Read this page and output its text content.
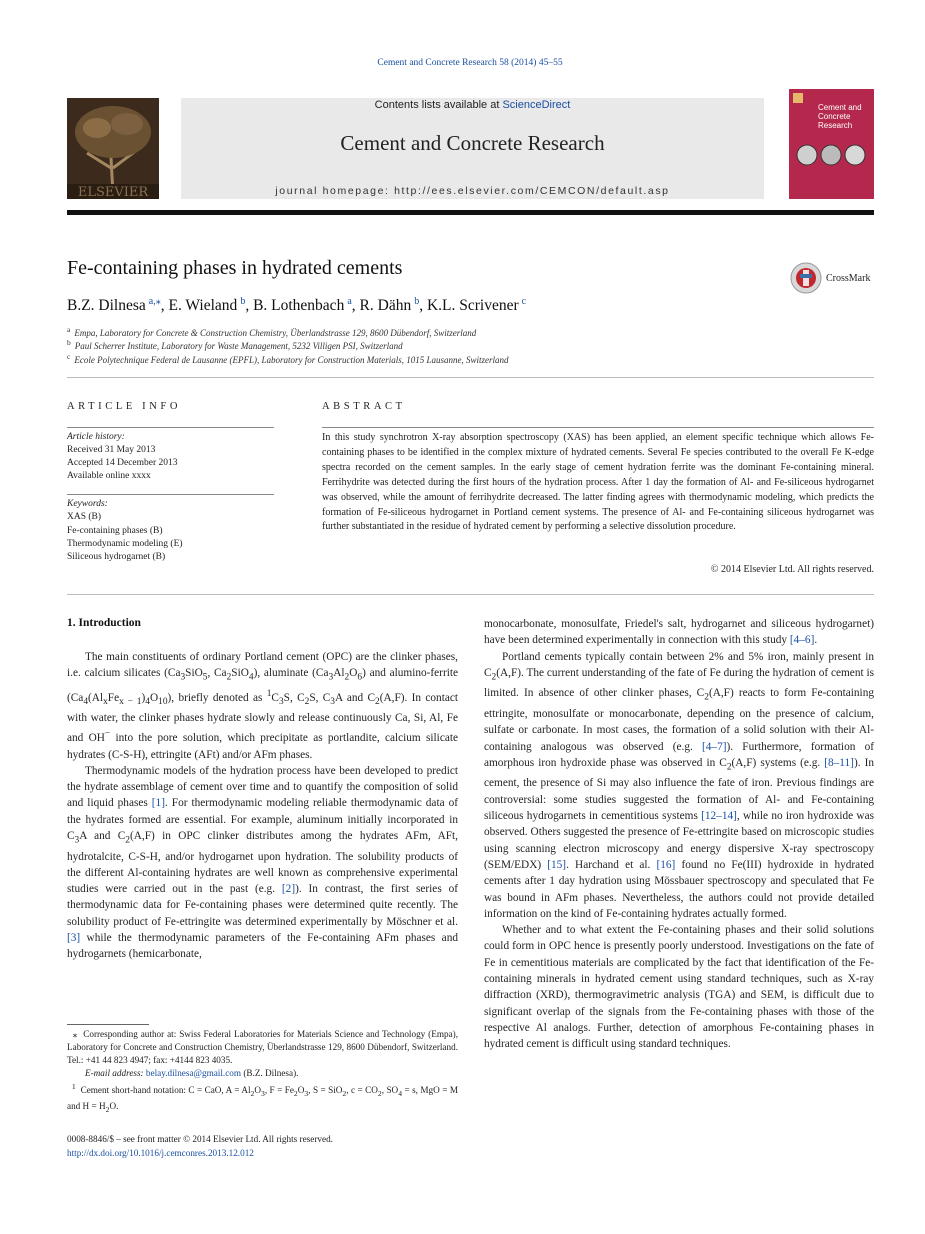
Cement and Concrete Research 58 (2014) 45–55
ELSEVIER
Contents lists available at ScienceDirect
Cement and Concrete Research
journal homepage: http://ees.elsevier.com/CEMCON/default.asp
Cement and Concrete Research
Fe-containing phases in hydrated cements	CrossMark
B.Z. Dilnesa $^{a,⁎}$, E. Wieland $^b$, B. Lothenbach $^a$, R. Dähn $^b$, K.L. Scrivener $^c$
$^a$ Empa, Laboratory for Concrete & Construction Chemistry, Überlandstrasse 129, 8600 Dübendorf, Switzerland
$^b$ Paul Scherrer Institute, Laboratory for Waste Management, 5232 Villigen PSI, Switzerland
$^c$ Ecole Polytechnique Federal de Lausanne (EPFL), Laboratory for Construction Materials, 1015 Lausanne, Switzerland
ARTICLE INFO
Article history:
Received 31 May 2013
Accepted 14 December 2013
Available online xxxx
Keywords:
XAS (B)
Fe-containing phases (B)
Thermodynamic modeling (E)
Siliceous hydrogarnet (B)
ABSTRACT
In this study synchrotron X-ray absorption spectroscopy (XAS) has been applied, an element specific technique which allows Fe-containing phases to be identified in the complex mixture of hydrated cements. Several Fe species contributed to the overall Fe K-edge spectra recorded on the cement samples. In the early stage of cement hydration ferrite was the dominant Fe-containing mineral. Ferrihydrite was detected during the first hours of the hydration process. After 1 day the formation of Al- and Fe-siliceous hydrogarnet was observed, while the amount of ferrihydrite decreased. The latter finding agrees with thermodynamic modeling, which predicts the formation of Fe-siliceous hydrogarnet in Portland cement systems. The presence of Al- and Fe-containing siliceous hydrogarnet was further substantiated in the residue of hydrated cement by performing a selective dissolution procedure.
© 2014 Elsevier Ltd. All rights reserved.
1. Introduction

The main constituents of ordinary Portland cement (OPC) are the clinker phases, i.e. calcium silicates ($Ca_3SiO_5$, $Ca_2SiO_4$), aluminate $(Ca_3Al_2O_6)$ and alumino-ferrite $(Ca_4(Al_xFe_{x - 1})_4O_{10})$, briefly denoted as $^1C_3S$, $C_2S$, $C_3A$ and $C_2(A,F)$. In contact with water, the clinker phases hydrate slowly and release continuously Ca, Si, Al, Fe and OH− into the pore solution, which precipitate as portlandite, calcium silicate hydrates (C-S-H), ettringite (AFt) and/or AFm phases.

Thermodynamic models of the hydration process have been developed to predict the hydrate assemblage of cement over time and to quantify the composition of solid and liquid phases [1]. For thermodynamic modeling reliable thermodynamic data of the hydrates formed are essential. For example, aluminum initially incorporated in $C_3A$ and $C_2(A,F)$ in OPC clinker distributes among the hydrates AFm, AFt, hydrotalcite, C-S-H, and/or hydrogarnet upon hydration. The solubility products of the different Al-containing hydrates are well known as comprehensive experimental studies were carried out in the past (e.g. [2]). In contrast, the first series of thermodynamic data for Fe-containing phases were determined quite recently. The solubility product of Fe-ettringite was determined experimentally by Möschner et al. [3] while the thermodynamic parameters of the Fe-containing AFm phases and hydrogarnets (hemicarbonate,

monocarbonate, monosulfate, Friedel's salt, hydrogarnet and siliceous hydrogarnet) have been determined experimentally in connection with this study [4–6].

Portland cements typically contain between 2% and 5% iron, mainly present in $C_2(A,F)$. The current understanding of the fate of Fe during the hydration of cement is limited. In absence of other clinker phases, $C_2(A,F)$ reacts to form Fe-containing ettringite, monosulfate or monocarbonate, depending on the presence of calcium, sulfate or carbonate. In most cases, the formation of a solid solution with their Al-containing analogous was observed (e.g. [4–7]). Furthermore, formation of amorphous iron hydroxide phase was observed in $C_2(A,F)$ systems (e.g. [8–11]). In cement, the presence of Si may also influence the fate of iron. Previous findings are controversial: some studies suggested the formation of Al- and Fe-containing siliceous hydrogarnets in cementitious systems [12–14], while no iron hydroxide was observed. Others suggested the presence of Fe-ettringite based on microscopic studies using scanning electron microscopy and energy dispersive X-ray spectroscopy (SEM/EDX) [15]. Harchand et al. [16] found no Fe(III) hydroxide in hydrated cements after 1 day hydration using Mössbauer spectroscopy and speculated that Fe was bound in AFm phases. Nevertheless, the authors could not provide detailed information on the kind of Fe-containing hydrates actually formed.

Whether and to what extent the Fe-containing phases and their solid solutions could form in OPC hence is presently poorly understood. Investigations on the fate of Fe in cementitious materials are complicated by the fact that identification of the Fe-containing minerals in hydrated cement using standard techniques, such as X-ray diffraction (XRD), thermogravimetric analysis (TGA) and SEM, is difficult due to significant overlap of the signals from the Fe-containing phases with those of the respective Al analogs. Further, detection of amorphous Fe-containing phases in hydrated cement is difficult using standard techniques.

⁎  Corresponding author at: Swiss Federal Laboratories for Materials Science and Technology (Empa), Laboratory for Concrete and Construction Chemistry, Überlandstrasse 129, 8600 Dübendorf, Switzerland. Tel.: +41 44 823 4947; fax: +4144 823 4035.

E-mail address: belay.dilnesa@gmail.com (B.Z. Dilnesa).

$^1$  Cement short-hand notation: C = CaO, $A = Al_2O_3$, $F = Fe_2O_3$, S = SiO$_2$, $c = CO_2$, $SO_4 = s$, MgO = M and $H = H_2O$.

0008-8846/$ – see front matter © 2014 Elsevier Ltd. All rights reserved.
http://dx.doi.org/10.1016/j.cemconres.2013.12.012
